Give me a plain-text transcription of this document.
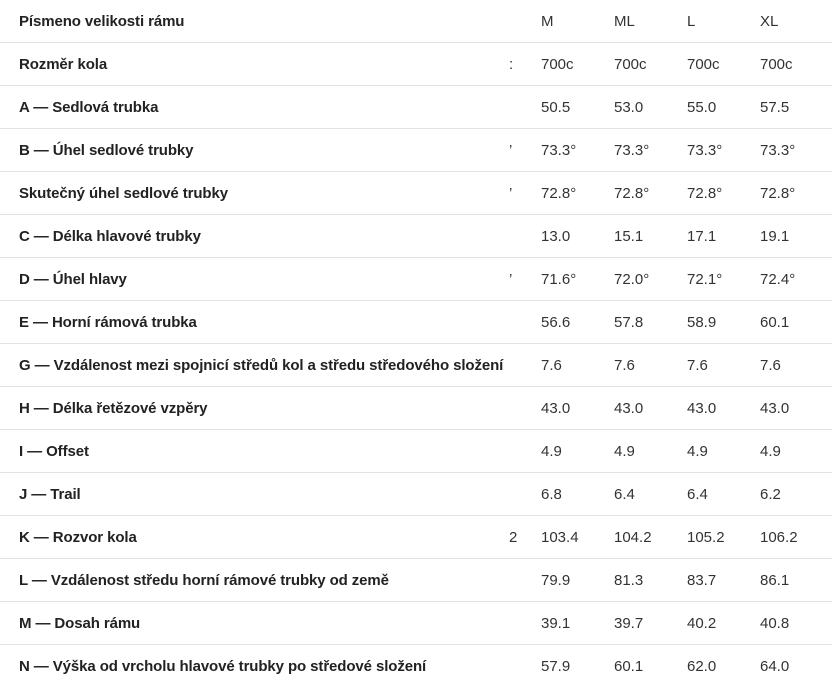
Písmeno velikosti rámu		M	ML	L	XL
Rozměr kola	:	700c	700c	700c	700c
A — Sedlová trubka		50.5	53.0	55.0	57.5
B — Úhel sedlové trubky	’	73.3°	73.3°	73.3°	73.3°
Skutečný úhel sedlové trubky	’	72.8°	72.8°	72.8°	72.8°
C — Délka hlavové trubky		13.0	15.1	17.1	19.1
D — Úhel hlavy	’	71.6°	72.0°	72.1°	72.4°
E — Horní rámová trubka		56.6	57.8	58.9	60.1
G — Vzdálenost mezi spojnicí středů kol a středu středového složení		7.6	7.6	7.6	7.6
H — Délka řetězové vzpěry		43.0	43.0	43.0	43.0
I — Offset		4.9	4.9	4.9	4.9
J — Trail		6.8	6.4	6.4	6.2
K — Rozvor kola	2	103.4	104.2	105.2	106.2
L — Vzdálenost středu horní rámové trubky od země		79.9	81.3	83.7	86.1
M — Dosah rámu		39.1	39.7	40.2	40.8
N — Výška od vrcholu hlavové trubky po středové složení		57.9	60.1	62.0	64.0
